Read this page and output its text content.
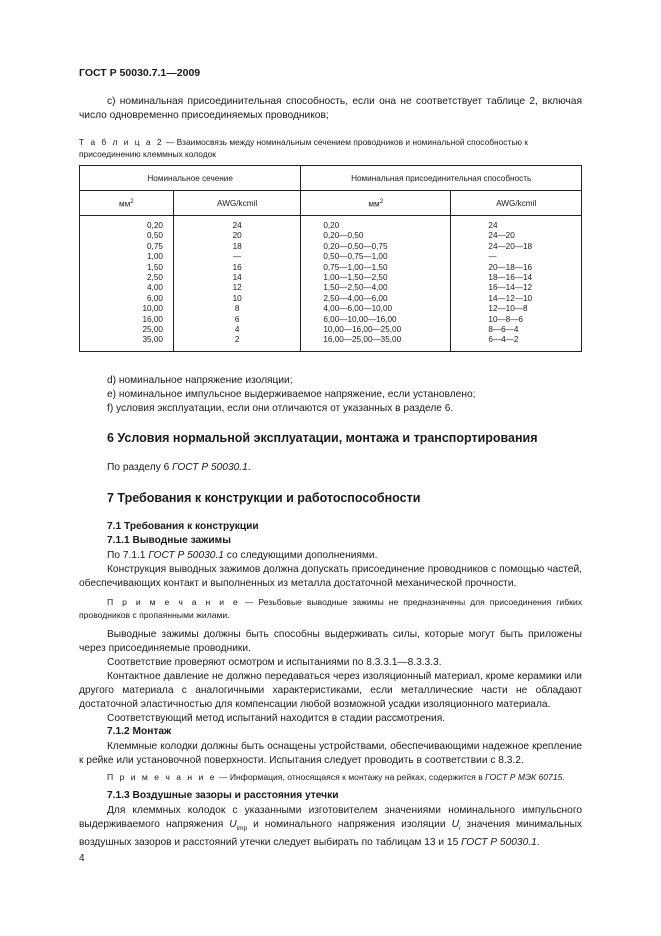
ГОСТ Р 50030.7.1—2009
c) номинальная присоединительная способность, если она не соответствует таблице 2, включая число одновременно присоединяемых проводников;
Т а б л и ц а 2 — Взаимосвязь между номинальным сечением проводников и номинальной способностью к присоединению клеммных колодок
Номинальное сечение		Номинальная присоединительная способность	
$мм^2$	AWG/kcmil	$мм^2$	AWG/kcmil
0,20	24	0,20	24
0,50	20	0,20—0,50	24—20
0,75	18	0,20—0,50—0,75	24—20—18
1,00	—	0,50—0,75—1,00	—
1,50	16	0,75—1,00—1,50	20—18—16
2,50	14	1,00—1,50—2,50	18—16—14
4,00	12	1,50—2,50—4,00	16—14—12
6,00	10	2,50—4,00—6,00	14—12—10
10,00	8	4,00—6,00—10,00	12—10—8
16,00	6	6,00—10,00—16,00	10—8—6
25,00	4	10,00—16,00—25,00	8—6—4
35,00	2	16,00—25,00—35,00	6—4—2
d) номинальное напряжение изоляции;
e) номинальное импульсное выдерживаемое напряжение, если установлено;
f) условия эксплуатации, если они отличаются от указанных в разделе 6.
6 Условия нормальной эксплуатации, монтажа и транспортирования
По разделу 6 ГОСТ Р 50030.1.
7 Требования к конструкции и работоспособности
7.1 Требования к конструкции
7.1.1 Выводные зажимы
По 7.1.1 ГОСТ Р 50030.1 со следующими дополнениями.
Конструкция выводных зажимов должна допускать присоединение проводников с помощью частей, обеспечивающих контакт и выполненных из металла достаточной механической прочности.
П р и м е ч а н и е — Резьбовые выводные зажимы не предназначены для присоединения гибких проводников с пропаянными жилами.
Выводные зажимы должны быть способны выдерживать силы, которые могут быть приложены через присоединяемые проводники.
Соответствие проверяют осмотром и испытаниями по 8.3.3.1—8.3.3.3.
Контактное давление не должно передаваться через изоляционный материал, кроме керамики или другого материала с аналогичными характеристиками, если металлические части не обладают достаточной эластичностью для компенсации любой возможной усадки изоляционного материала.
Соответствующий метод испытаний находится в стадии рассмотрения.
7.1.2 Монтаж
Клеммные колодки должны быть оснащены устройствами, обеспечивающими надежное крепление к рейке или установочной поверхности. Испытания следует проводить в соответствии с 8.3.2.
П р и м е ч а н и е — Информация, относящаяся к монтажу на рейках, содержится в ГОСТ Р МЭК 60715.
7.1.3 Воздушные зазоры и расстояния утечки
Для клеммных колодок с указанными изготовителем значениями номинального импульсного выдерживаемого напряжения $U_{imp}$ и номинального напряжения изоляции $U_i$ значения минимальных воздушных зазоров и расстояний утечки следует выбирать по таблицам 13 и 15 ГОСТ Р 50030.1.
4
